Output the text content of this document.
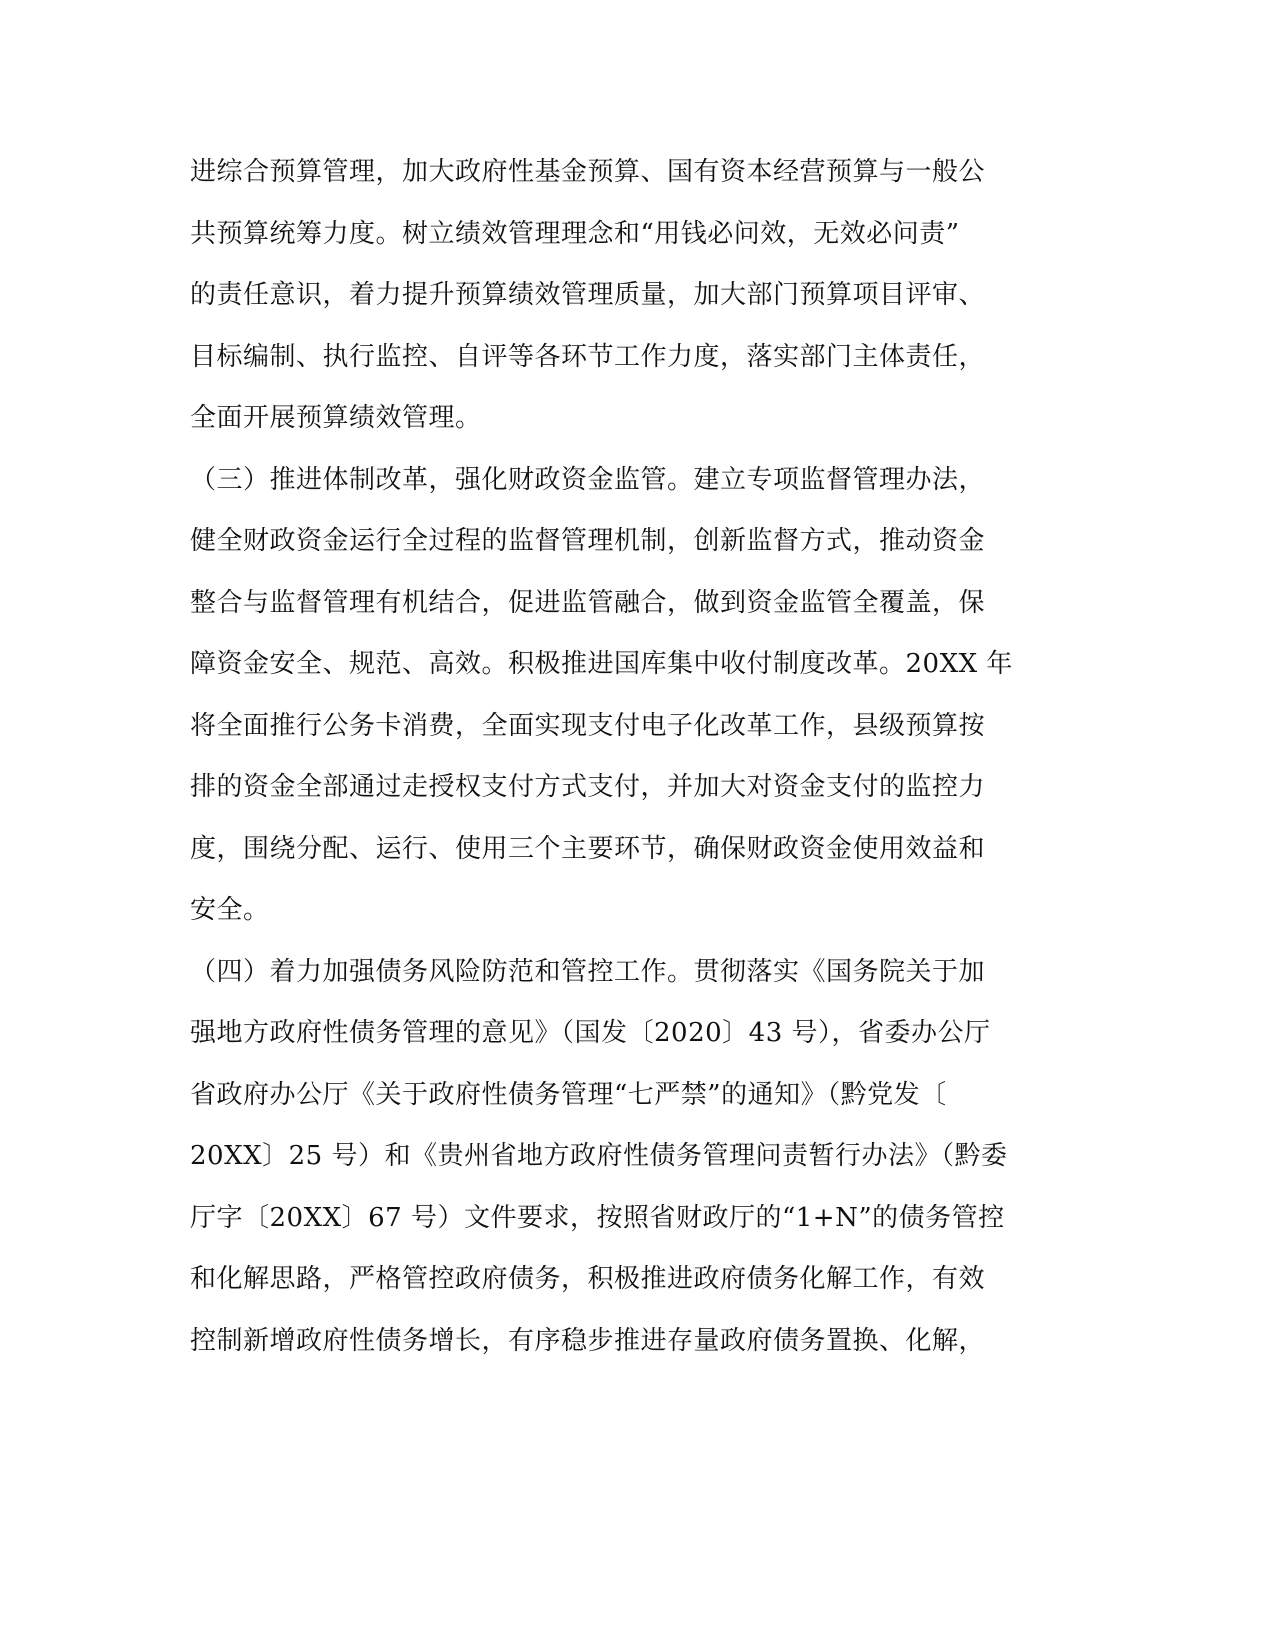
进综合预算管理，加大政府性基金预算、国有资本经营预算与一般公
共预算统筹力度。树立绩效管理理念和“用钱必问效，无效必问责”
的责任意识，着力提升预算绩效管理质量，加大部门预算项目评审、
目标编制、执行监控、自评等各环节工作力度，落实部门主体责任，
全面开展预算绩效管理。
（三）推进体制改革，强化财政资金监管。建立专项监督管理办法，
健全财政资金运行全过程的监督管理机制，创新监督方式，推动资金
整合与监督管理有机结合，促进监管融合，做到资金监管全覆盖，保
障资金安全、规范、高效。积极推进国库集中收付制度改革。20XX 年
将全面推行公务卡消费，全面实现支付电子化改革工作，县级预算按
排的资金全部通过走授权支付方式支付，并加大对资金支付的监控力
度，围绕分配、运行、使用三个主要环节，确保财政资金使用效益和
安全。
（四）着力加强债务风险防范和管控工作。贯彻落实《国务院关于加
强地方政府性债务管理的意见》（国发〔2020〕43 号），省委办公厅
省政府办公厅《关于政府性债务管理“七严禁”的通知》（黔党发〔
20XX〕25 号）和《贵州省地方政府性债务管理问责暂行办法》（黔委
厅字〔20XX〕67 号）文件要求，按照省财政厅的“1+N”的债务管控
和化解思路，严格管控政府债务，积极推进政府债务化解工作，有效
控制新增政府性债务增长，有序稳步推进存量政府债务置换、化解，
